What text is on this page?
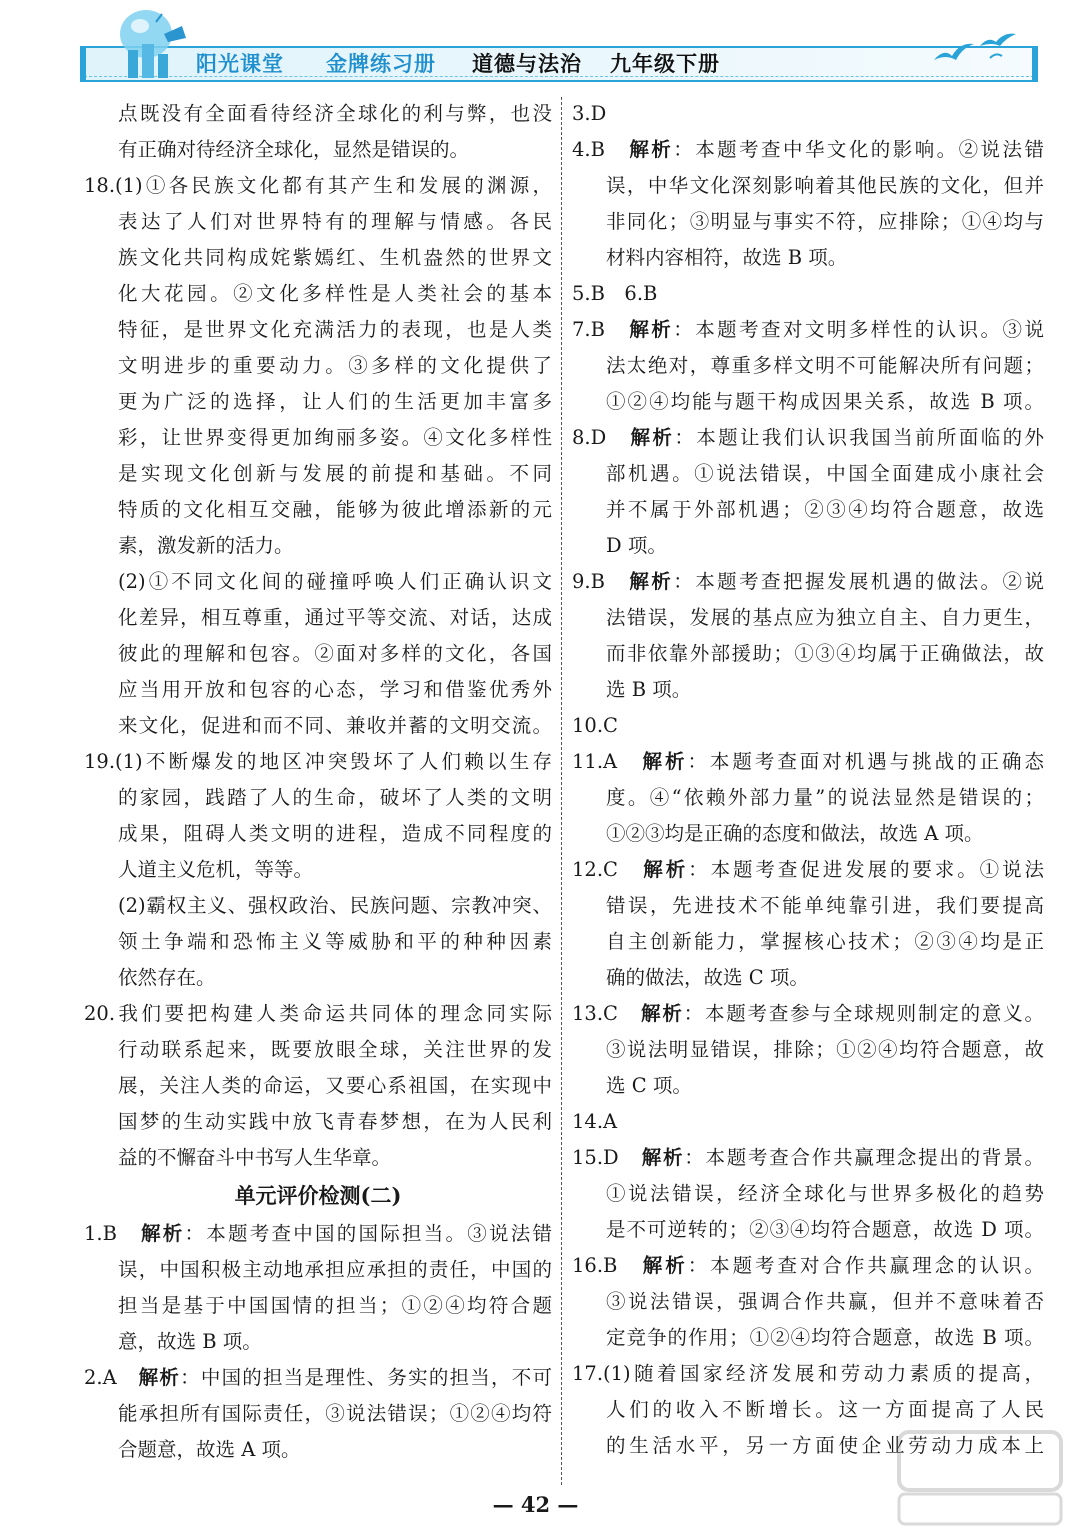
阳光课堂 金牌练习册 道德与法治 九年级下册
点既没有全面看待经济全球化的利与弊，也没
有正确对待经济全球化，显然是错误的。
18.(1)①各民族文化都有其产生和发展的渊源，
表达了人们对世界特有的理解与情感。各民
族文化共同构成姹紫嫣红、生机盎然的世界文
化大花园。②文化多样性是人类社会的基本
特征，是世界文化充满活力的表现，也是人类
文明进步的重要动力。③多样的文化提供了
更为广泛的选择，让人们的生活更加丰富多
彩，让世界变得更加绚丽多姿。④文化多样性
是实现文化创新与发展的前提和基础。不同
特质的文化相互交融，能够为彼此增添新的元
素，激发新的活力。
(2)①不同文化间的碰撞呼唤人们正确认识文
化差异，相互尊重，通过平等交流、对话，达成
彼此的理解和包容。②面对多样的文化，各国
应当用开放和包容的心态，学习和借鉴优秀外
来文化，促进和而不同、兼收并蓄的文明交流。
19.(1)不断爆发的地区冲突毁坏了人们赖以生存
的家园，践踏了人的生命，破坏了人类的文明
成果，阻碍人类文明的进程，造成不同程度的
人道主义危机，等等。
(2)霸权主义、强权政治、民族问题、宗教冲突、
领土争端和恐怖主义等威胁和平的种种因素
依然存在。
20.我们要把构建人类命运共同体的理念同实际
行动联系起来，既要放眼全球，关注世界的发
展，关注人类的命运，又要心系祖国，在实现中
国梦的生动实践中放飞青春梦想，在为人民利
益的不懈奋斗中书写人生华章。
单元评价检测(二)
1.B　 解析：本题考查中国的国际担当。③说法错
误，中国积极主动地承担应承担的责任，中国的
担当是基于中国国情的担当；①②④均符合题
意，故选 B 项。
2.A　 解析：中国的担当是理性、务实的担当，不可
能承担所有国际责任，③说法错误；①②④均符
合题意，故选 A 项。
3.D
4.B　 解析：本题考查中华文化的影响。②说法错
误，中华文化深刻影响着其他民族的文化，但并
非同化；③明显与事实不符，应排除；①④均与
材料内容相符，故选 B 项。
5.B　6.B
7.B　 解析：本题考查对文明多样性的认识。③说
法太绝对，尊重多样文明不可能解决所有问题；
①②④均能与题干构成因果关系，故选 B 项。
8.D　 解析：本题让我们认识我国当前所面临的外
部机遇。①说法错误，中国全面建成小康社会
并不属于外部机遇；②③④均符合题意，故选
D 项。
9.B　 解析：本题考查把握发展机遇的做法。②说
法错误，发展的基点应为独立自主、自力更生，
而非依靠外部援助；①③④均属于正确做法，故
选 B 项。
10.C
11.A　 解析：本题考查面对机遇与挑战的正确态
度。④“依赖外部力量”的说法显然是错误的；
①②③均是正确的态度和做法，故选 A 项。
12.C　 解析：本题考查促进发展的要求。①说法
错误，先进技术不能单纯靠引进，我们要提高
自主创新能力，掌握核心技术；②③④均是正
确的做法，故选 C 项。
13.C　 解析：本题考查参与全球规则制定的意义。
③说法明显错误，排除；①②④均符合题意，故
选 C 项。
14.A
15.D　 解析：本题考查合作共赢理念提出的背景。
①说法错误，经济全球化与世界多极化的趋势
是不可逆转的；②③④均符合题意，故选 D 项。
16.B　 解析：本题考查对合作共赢理念的认识。
③说法错误，强调合作共赢，但并不意味着否
定竞争的作用；①②④均符合题意，故选 B 项。
17.(1)随着国家经济发展和劳动力素质的提高，
人们的收入不断增长。这一方面提高了人民
的生活水平，另一方面使企业劳动力成本上
— 42 —
